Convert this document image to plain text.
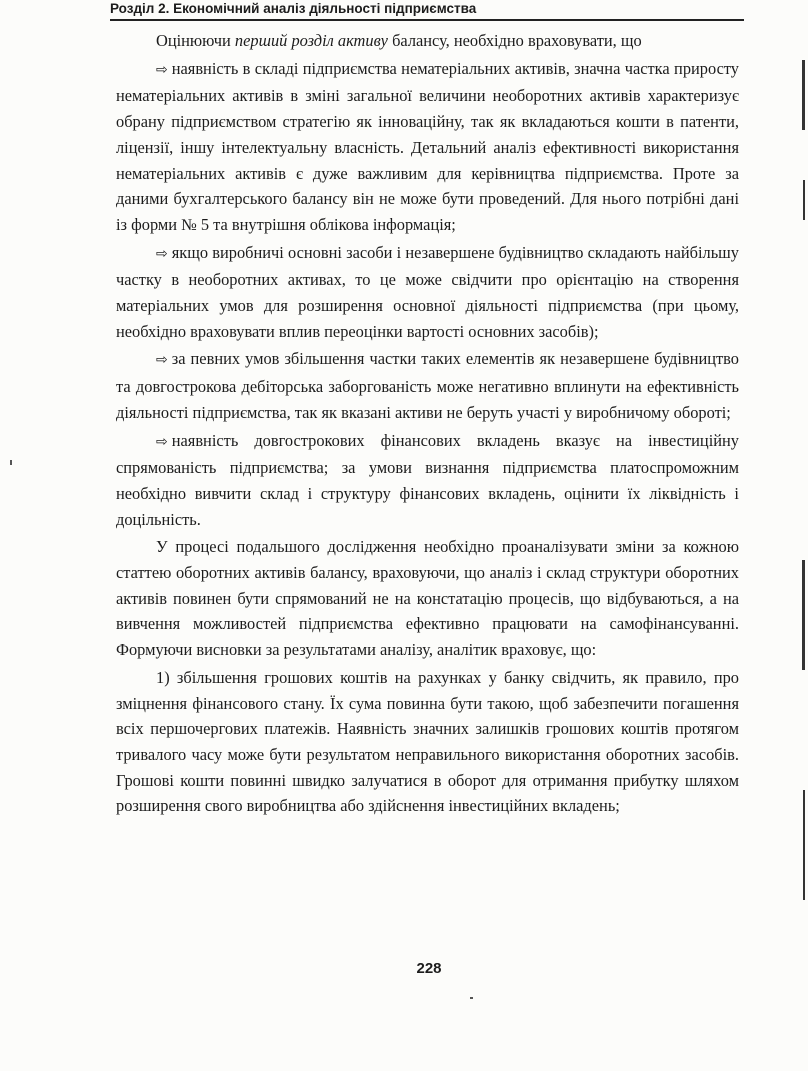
Розділ 2. Економічний аналіз діяльності підприємства

Оцінюючи перший розділ активу балансу, необхідно враховувати, що

⇨ наявність в складі підприємства нематеріальних активів, значна частка приросту нематеріальних активів в зміні загальної величини необоротних активів характеризує обрану підприємством стратегію як інноваційну, так як вкладаються кошти в патенти, ліцензії, іншу інтелектуальну власність. Детальний аналіз ефективності використання нематеріальних активів є дуже важливим для керівництва підприємства. Проте за даними бухгалтерського балансу він не може бути проведений. Для нього потрібні дані із форми № 5 та внутрішня облікова інформація;

⇨ якщо виробничі основні засоби і незавершене будівництво складають найбільшу частку в необоротних активах, то це може свідчити про орієнтацію на створення матеріальних умов для розширення основної діяльності підприємства (при цьому, необхідно враховувати вплив переоцінки вартості основних засобів);

⇨ за певних умов збільшення частки таких елементів як незавершене будівництво та довгострокова дебіторська заборгованість може негативно вплинути на ефективність діяльності підприємства, так як вказані активи не беруть участі у виробничому обороті;

⇨ наявність довгострокових фінансових вкладень вказує на інвестиційну спрямованість підприємства; за умови визнання підприємства платоспроможним необхідно вивчити склад і структуру фінансових вкладень, оцінити їх ліквідність і доцільність.

У процесі подальшого дослідження необхідно проаналізувати зміни за кожною статтею оборотних активів балансу, враховуючи, що аналіз і склад структури оборотних активів повинен бути спрямований не на констатацію процесів, що відбуваються, а на вивчення можливостей підприємства ефективно працювати на самофінансуванні. Формуючи висновки за результатами аналізу, аналітик враховує, що:

1) збільшення грошових коштів на рахунках у банку свідчить, як правило, про зміцнення фінансового стану. Їх сума повинна бути такою, щоб забезпечити погашення всіх першочергових платежів. Наявність значних залишків грошових коштів протягом тривалого часу може бути результатом неправильного використання оборотних засобів. Грошові кошти повинні швидко залучатися в оборот для отримання прибутку шляхом розширення свого виробництва або здійснення інвестиційних вкладень;

228
